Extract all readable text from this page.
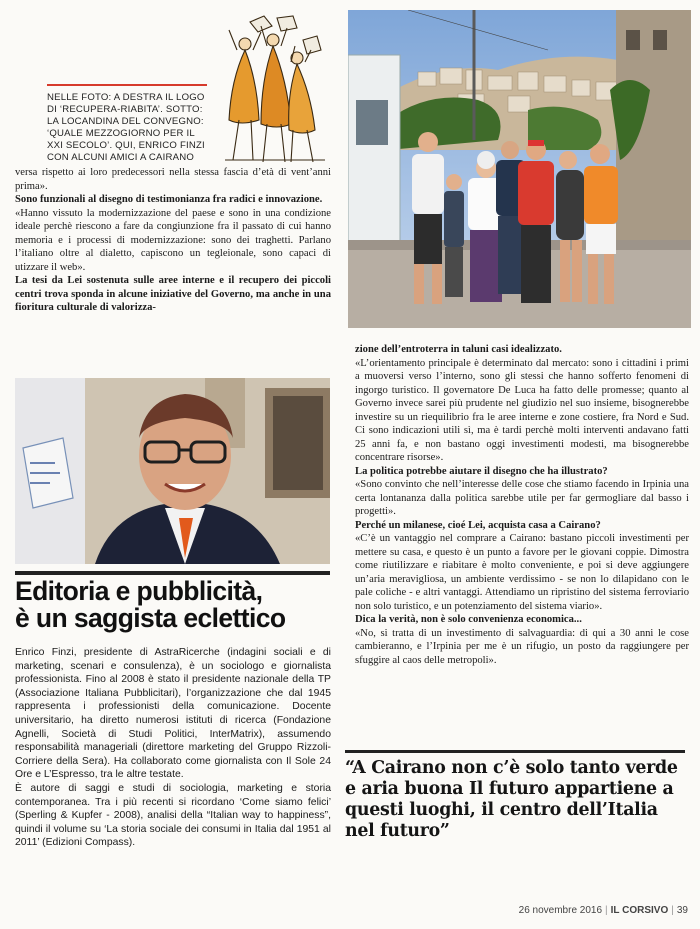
NELLE FOTO: A DESTRA IL LOGO DI ‘RECUPERA-RIABITA’. SOTTO: LA LOCANDINA DEL CONVEGNO: ‘QUALE MEZZOGIORNO PER IL XXI SECOLO’. QUI, ENRICO FINZI CON ALCUNI AMICI A CAIRANO

versa rispetto ai loro predecessori nella stessa fascia d’età di vent’anni prima».

Sono funzionali al disegno di testimonianza fra radici e innovazione.

«Hanno vissuto la modernizzazione del paese e sono in una condizione ideale perchè riescono a fare da congiunzione fra il passato di cui hanno memoria e i processi di modernizzazione: sono dei traghetti. Parlano l’italiano oltre al dialetto, capiscono un tegleionale, sono capaci di utizzare il web».

La tesi da Lei sostenuta sulle aree interne e il recupero dei piccoli centri trova sponda in alcune iniziative del Governo, ma anche in una fioritura culturale di valorizza-

zione dell’entroterra in taluni casi idealizzato.

«L’orientamento principale è determinato dal mercato: sono i cittadini i primi a muoversi verso l’interno, sono gli stessi che hanno sofferto fenomeni di ingorgo turistico. Il governatore De Luca ha fatto delle promesse; quanto al Governo invece sarei più prudente nel giudizio nel suo insieme, bisognerebbe investire su un riequilibrio fra le aree interne e zone costiere, fra Nord e Sud. Ci sono indicazioni utili sì, ma è tardi perchè molti interventi andavano fatti 25 anni fa, e non bastano oggi investimenti modesti, ma bisognerebbe concentrare risorse».

La politica potrebbe aiutare il disegno che ha illustrato?

«Sono convinto che nell’interesse delle cose che stiamo facendo in Irpinia una certa lontananza dalla politica sarebbe utile per far germogliare dal basso i progetti».

Perché un milanese, cioé Lei, acquista casa a Cairano?

«C’è un vantaggio nel comprare a Cairano: bastano piccoli investimenti per mettere su casa, e questo è un punto a favore per le giovani coppie. Dimostra come riutilizzare e riabitare è molto conveniente, e poi si deve aggiungere un’aria meravigliosa, un ambiente verdissimo - se non lo dilapidano con le pale coliche - e altri vantaggi. Attendiamo un ripristino del sistema ferroviario non solo turistico, e un potenziamento del sistema viario».

Dica la verità, non è solo convenienza economica...

«No, si tratta di un investimento di salvaguardia: di qui a 30 anni le cose cambieranno, e l’Irpinia per me è un rifugio, un posto da raggiungere per sfuggire al caos delle metropoli».

Editoria e pubblicità,
è un saggista eclettico

Enrico Finzi, presidente di AstraRicerche (indagini sociali e di marketing, scenari e consulenza), è un sociologo e giornalista professionista. Fino al 2008 è stato il presidente nazionale della TP (Associazione Italiana Pubblicitari), l’organizzazione che dal 1945 rappresenta i professionisti della comunicazione. Docente universitario, ha diretto numerosi istituti di ricerca (Fondazione Agnelli, Società di Studi Politici, InterMatrix), assumendo responsabilità manageriali (direttore marketing del Gruppo Rizzoli-Corriere della Sera). Ha collaborato come giornalista con Il Sole 24 Ore e L’Espresso, tra le altre testate.

È autore di saggi e studi di sociologia, marketing e storia contemporanea. Tra i più recenti si ricordano ‘Come siamo felici’ (Sperling & Kupfer - 2008), analisi della “Italian way to happiness”, quindi il volume su ‘La storia sociale dei consumi in Italia dal 1951 al 2011’ (Edizioni Compass).

“A Cairano non c’è solo tanto verde e aria buona Il futuro appartiene a questi luoghi, il centro dell’Italia nel futuro”
26 novembre 2016 | IL CORSIVO | 39
